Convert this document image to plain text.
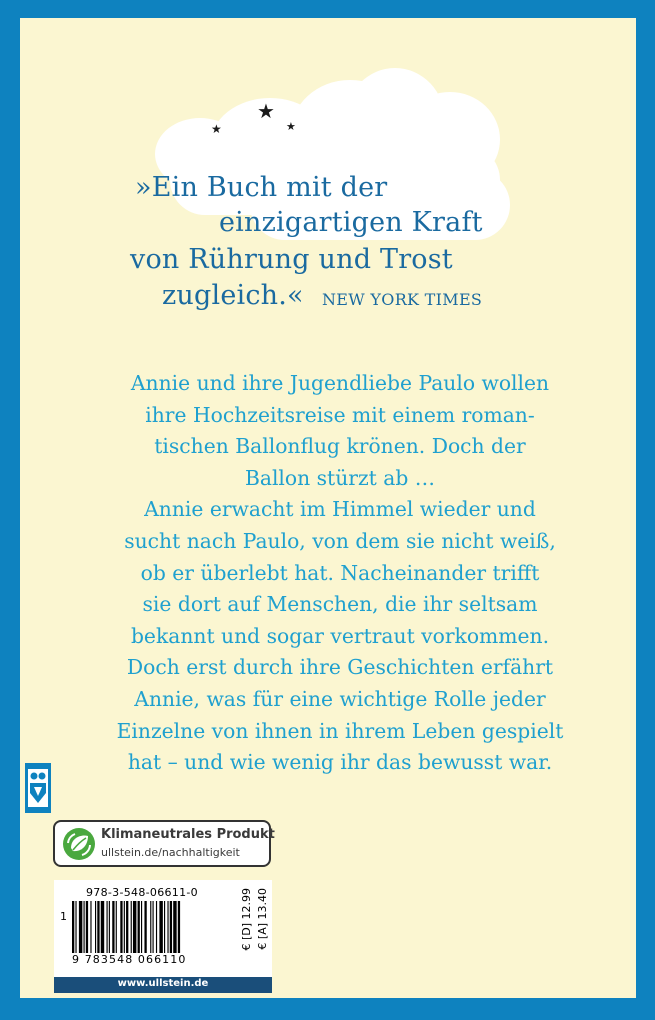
★
★	★
»Ein Buch mit der
einzigartigen Kraft
von Rührung und Trost
zugleich.« NEW YORK TIMES
Annie und ihre Jugendliebe Paulo wollen
ihre Hochzeitsreise mit einem roman-
tischen Ballonflug krönen. Doch der
Ballon stürzt ab …
Annie erwacht im Himmel wieder und
sucht nach Paulo, von dem sie nicht weiß,
ob er überlebt hat. Nacheinander trifft
sie dort auf Menschen, die ihr seltsam
bekannt und sogar vertraut vorkommen.
Doch erst durch ihre Geschichten erfährt
Annie, was für eine wichtige Rolle jeder
Einzelne von ihnen in ihrem Leben gespielt
hat – und wie wenig ihr das bewusst war.
Klimaneutrales Produkt
ullstein.de/nachhaltigkeit
978-3-548-06611-0
1
9 783548 066110
€ [D] 12.99 € [A] 13.40
www.ullstein.de
